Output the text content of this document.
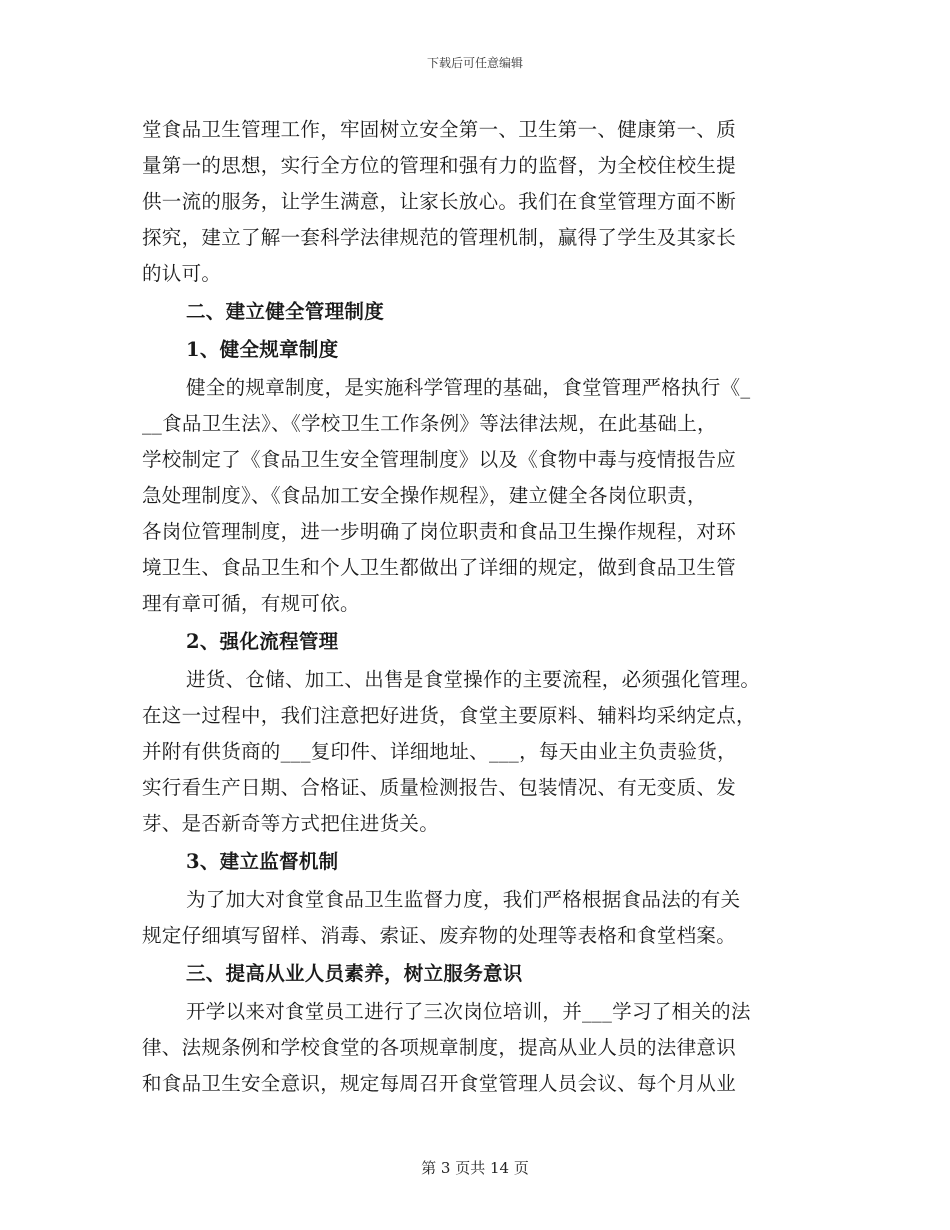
下载后可任意编辑
堂食品卫生管理工作，牢固树立安全第一、卫生第一、健康第一、质
量第一的思想，实行全方位的管理和强有力的监督，为全校住校生提
供一流的服务，让学生满意，让家长放心。我们在食堂管理方面不断
探究，建立了解一套科学法律规范的管理机制，赢得了学生及其家长
的认可。
二、建立健全管理制度
1、健全规章制度
健全的规章制度，是实施科学管理的基础，食堂管理严格执行《_
__食品卫生法》、《学校卫生工作条例》等法律法规，在此基础上，
学校制定了《食品卫生安全管理制度》以及《食物中毒与疫情报告应
急处理制度》、《食品加工安全操作规程》，建立健全各岗位职责，
各岗位管理制度，进一步明确了岗位职责和食品卫生操作规程，对环
境卫生、食品卫生和个人卫生都做出了详细的规定，做到食品卫生管
理有章可循，有规可依。
2、强化流程管理
进货、仓储、加工、出售是食堂操作的主要流程，必须强化管理。
在这一过程中，我们注意把好进货，食堂主要原料、辅料均采纳定点，
并附有供货商的___复印件、详细地址、___，每天由业主负责验货，
实行看生产日期、合格证、质量检测报告、包装情况、有无变质、发
芽、是否新奇等方式把住进货关。
3、建立监督机制
为了加大对食堂食品卫生监督力度，我们严格根据食品法的有关
规定仔细填写留样、消毒、索证、废弃物的处理等表格和食堂档案。
三、提高从业人员素养，树立服务意识
开学以来对食堂员工进行了三次岗位培训，并___学习了相关的法
律、法规条例和学校食堂的各项规章制度，提高从业人员的法律意识
和食品卫生安全意识，规定每周召开食堂管理人员会议、每个月从业
第 3 页共 14 页
